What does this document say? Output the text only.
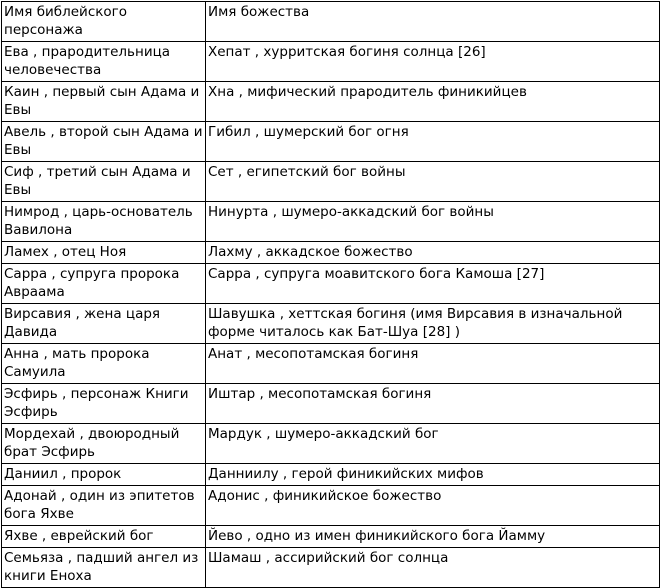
Имя библейского персонажа	Имя божества
Ева , прародительница человечества	Хепат , хурритская богиня солнца [26]
Каин , первый сын Адама и Евы	Хна , мифический прародитель финикийцев
Авель , второй сын Адама и Евы	Гибил , шумерский бог огня
Сиф , третий сын Адама и Евы	Сет , египетский бог войны
Нимрод , царь-основатель Вавилона	Нинурта , шумеро-аккадский бог войны
Ламех , отец Ноя	Лахму , аккадское божество
Сарра , супруга пророка Авраама	Сарра , супруга моавитского бога Камоша [27]
Вирсавия , жена царя Давида	Шавушка , хеттская богиня (имя Вирсавия в изначальной форме читалось как Бат-Шуа [28] )
Анна , мать пророка Самуила	Анат , месопотамская богиня
Эсфирь , персонаж Книги Эсфирь	Иштар , месопотамская богиня
Мордехай , двоюродный брат Эсфирь	Мардук , шумеро-аккадский бог
Даниил , пророк	Данниилу , герой финикийских мифов
Адонай , один из эпитетов бога Яхве	Адонис , финикийское божество
Яхве , еврейский бог	Йево , одно из имен финикийского бога Йамму
Семьяза , падший ангел из книги Еноха	Шамаш , ассирийский бог солнца
